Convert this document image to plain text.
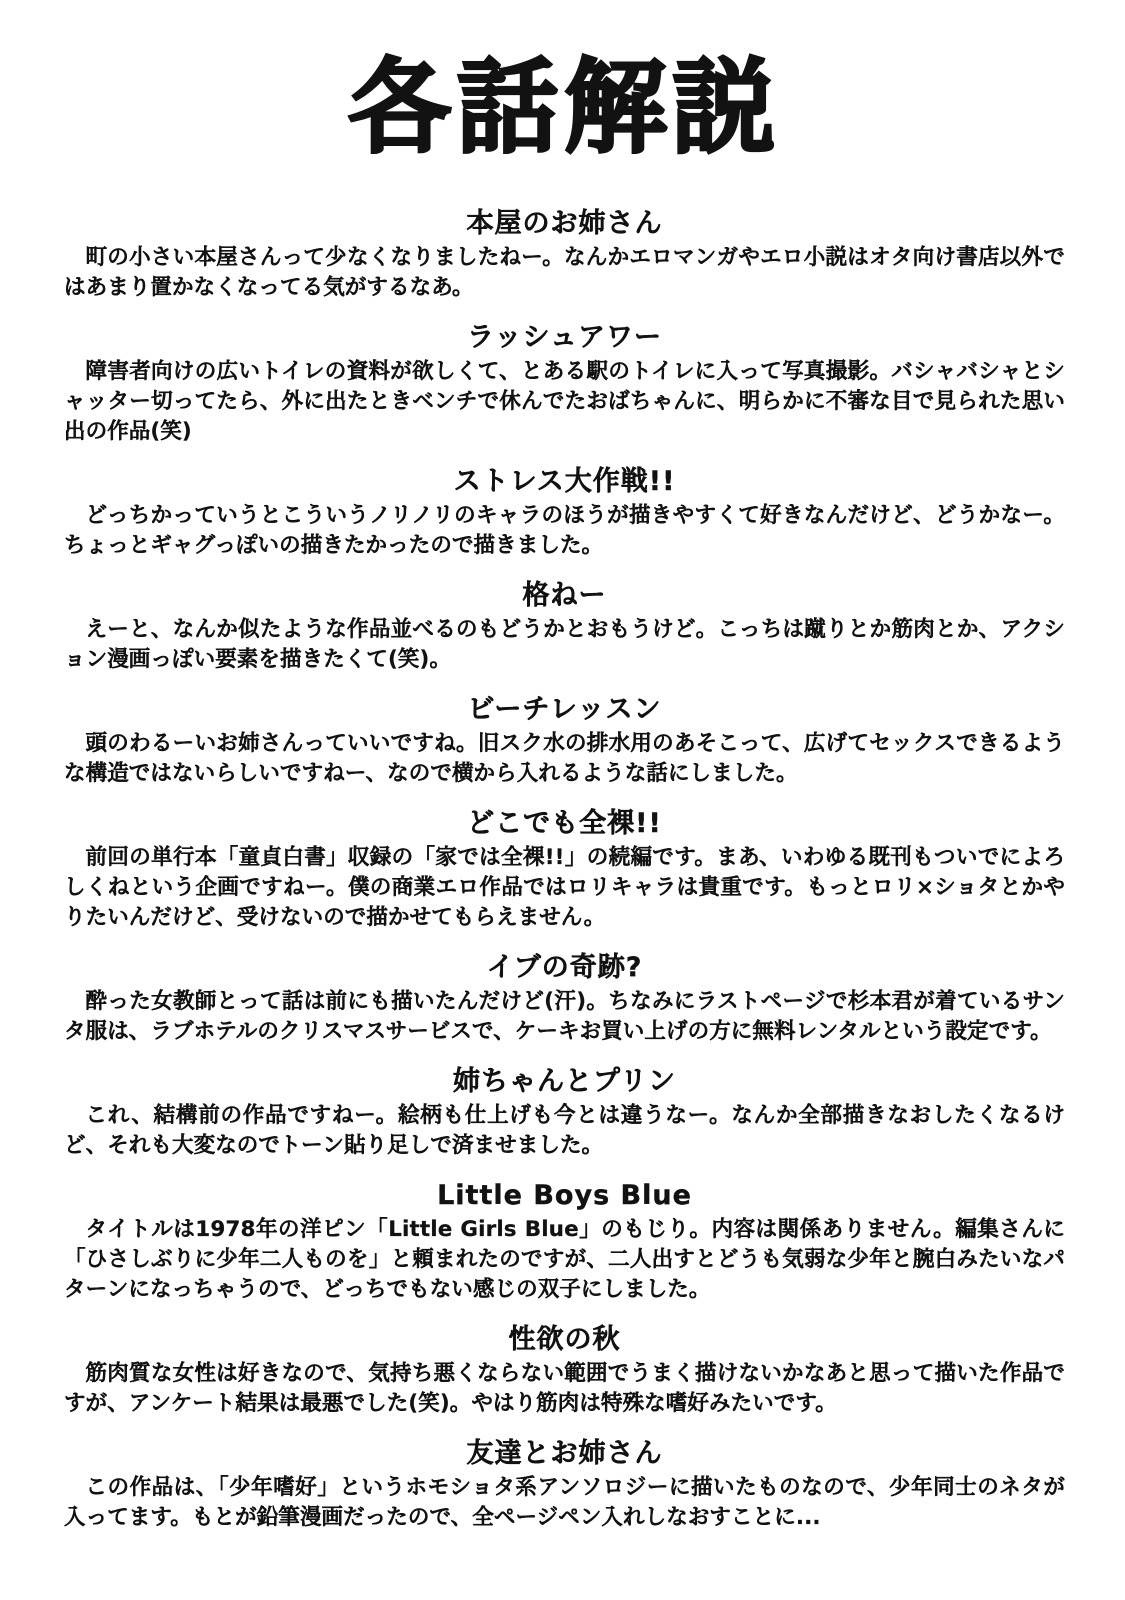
各話解説
本屋のお姉さん

町の小さい本屋さんって少なくなりましたねー。なんかエロマンガやエロ小説はオタ向け書店以外ではあまり置かなくなってる気がするなあ。

ラッシュアワー

障害者向けの広いトイレの資料が欲しくて、とある駅のトイレに入って写真撮影。バシャバシャとシャッター切ってたら、外に出たときベンチで休んでたおばちゃんに、明らかに不審な目で見られた思い出の作品(笑)

ストレス大作戦!!

どっちかっていうとこういうノリノリのキャラのほうが描きやすくて好きなんだけど、どうかなー。ちょっとギャグっぽいの描きたかったので描きました。

格ねー

えーと、なんか似たような作品並べるのもどうかとおもうけど。こっちは蹴りとか筋肉とか、アクション漫画っぽい要素を描きたくて(笑)。

ビーチレッスン

頭のわるーいお姉さんっていいですね。旧スク水の排水用のあそこって、広げてセックスできるような構造ではないらしいですねー、なので横から入れるような話にしました。

どこでも全裸!!

前回の単行本「童貞白書」収録の「家では全裸!!」の続編です。まあ、いわゆる既刊もついでによろしくねという企画ですねー。僕の商業エロ作品ではロリキャラは貴重です。もっとロリ×ショタとかやりたいんだけど、受けないので描かせてもらえません。

イブの奇跡?

酔った女教師とって話は前にも描いたんだけど(汗)。ちなみにラストページで杉本君が着ているサンタ服は、ラブホテルのクリスマスサービスで、ケーキお買い上げの方に無料レンタルという設定です。

姉ちゃんとプリン

これ、結構前の作品ですねー。絵柄も仕上げも今とは違うなー。なんか全部描きなおしたくなるけど、それも大変なのでトーン貼り足しで済ませました。

Little Boys Blue

タイトルは1978年の洋ピン「Little Girls Blue」のもじり。内容は関係ありません。編集さんに「ひさしぶりに少年二人ものを」と頼まれたのですが、二人出すとどうも気弱な少年と腕白みたいなパターンになっちゃうので、どっちでもない感じの双子にしました。

性欲の秋

筋肉質な女性は好きなので、気持ち悪くならない範囲でうまく描けないかなあと思って描いた作品ですが、アンケート結果は最悪でした(笑)。やはり筋肉は特殊な嗜好みたいです。

友達とお姉さん

この作品は、「少年嗜好」というホモショタ系アンソロジーに描いたものなので、少年同士のネタが入ってます。もとが鉛筆漫画だったので、全ページペン入れしなおすことに...
